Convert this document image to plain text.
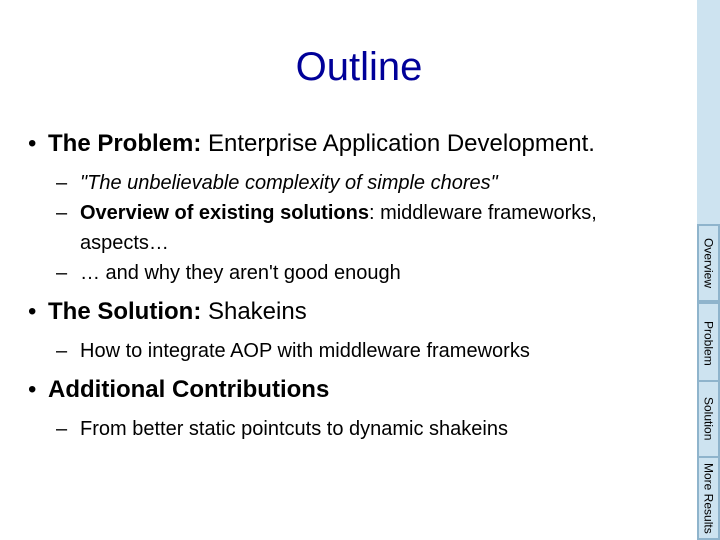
Outline
• The Problem: Enterprise Application Development.
– "The unbelievable complexity of simple chores"
– Overview of existing solutions: middleware frameworks, aspects…
– … and why they aren't good enough
• The Solution: Shakeins
– How to integrate AOP with middleware frameworks
• Additional Contributions
– From better static pointcuts to dynamic shakeins
Overview
Problem
Solution
More Results
